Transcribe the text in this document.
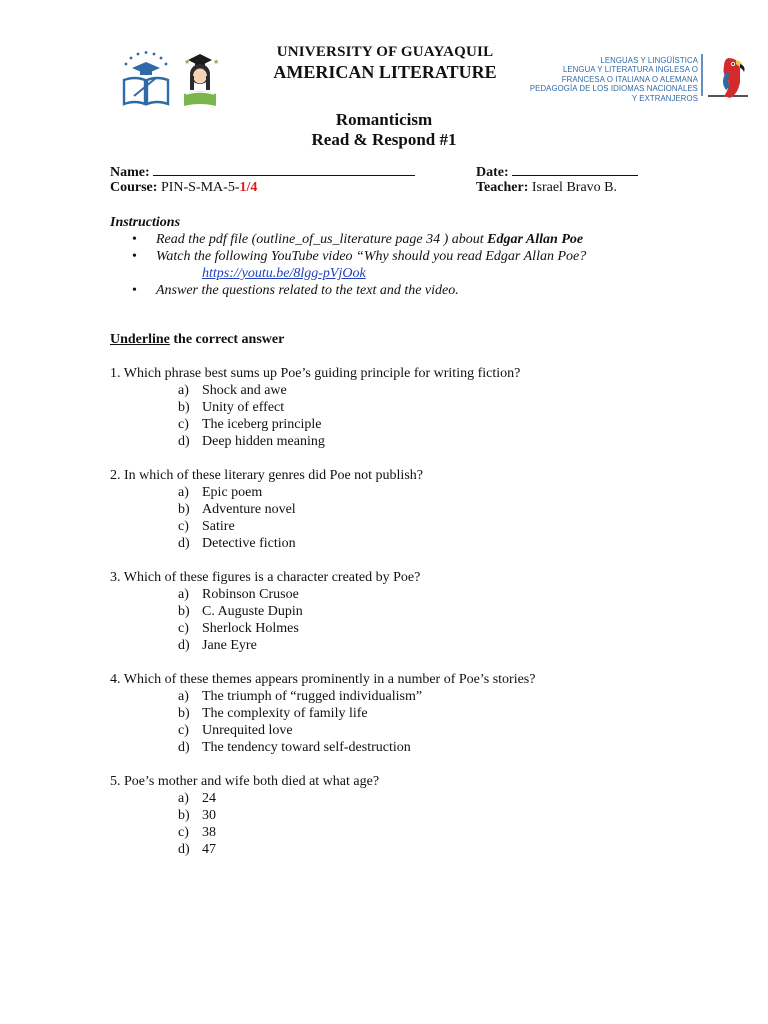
★	★
UNIVERSITY OF GUAYAQUIL
AMERICAN LITERATURE
LENGUAS Y LINGÜÍSTICA
LENGUA Y LITERATURA INGLESA O
FRANCESA O ITALIANA O ALEMANA
PEDAGOGÍA DE LOS IDIOMAS NACIONALES
Y EXTRANJEROS
Romanticism
Read & Respond #1
Name:	Date:
Course: PIN-S-MA-5-1/4	Teacher: Israel Bravo B.
Instructions
• Read the pdf file (outline_of_us_literature page 34 ) about Edgar Allan Poe
• Watch the following YouTube video “Why should you read Edgar Allan Poe?
https://youtu.be/8lgg-pVjOok
• Answer the questions related to the text and the video.
Underline the correct answer
1. Which phrase best sums up Poe’s guiding principle for writing fiction?
a) Shock and awe
b) Unity of effect
c) The iceberg principle
d) Deep hidden meaning
2. In which of these literary genres did Poe not publish?
a) Epic poem
b) Adventure novel
c) Satire
d) Detective fiction
3. Which of these figures is a character created by Poe?
a) Robinson Crusoe
b) C. Auguste Dupin
c) Sherlock Holmes
d) Jane Eyre
4. Which of these themes appears prominently in a number of Poe’s stories?
a) The triumph of “rugged individualism”
b) The complexity of family life
c) Unrequited love
d) The tendency toward self-destruction
5. Poe’s mother and wife both died at what age?
a) 24
b) 30
c) 38
d) 47
